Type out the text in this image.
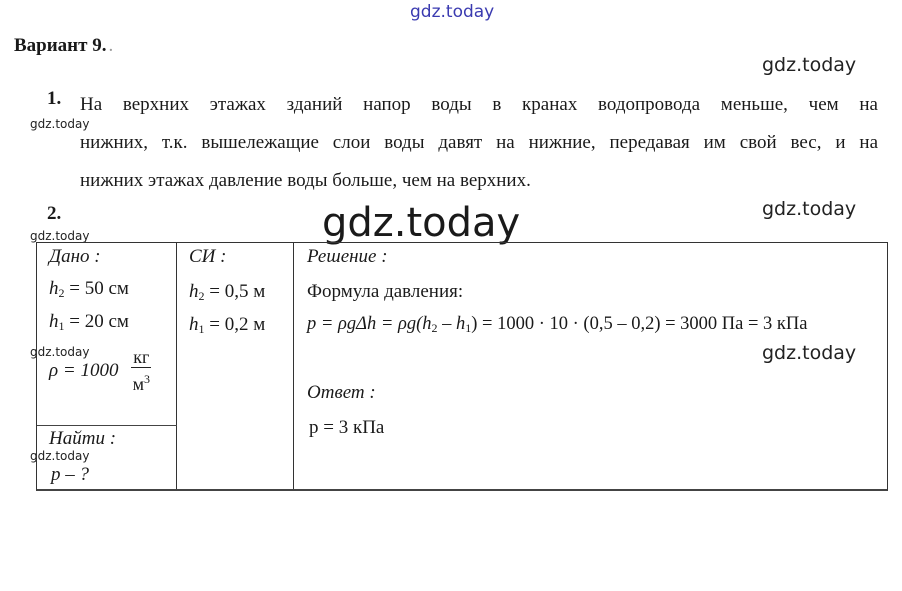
gdz.today
gdz.today
gdz.today
gdz.today
gdz.today
gdz.today
gdz.today	gdz.today
gdz.today
Вариант 9. .
1. На верхних этажах зданий напор воды в кранах водопровода меньше, чем на
нижних, т.к. вышележащие слои воды давят на нижние, передавая им свой вес, и на
нижних этажах давление воды больше, чем на верхних.
2.
Дано :
$h_2 = 50$ см
$h_1 = 20$ см
$\rho = 1000 \frac{кг}{м^3}$
Найти :
p – ?
СИ :
$h_2 = 0,5$ м
$h_1 = 0,2$ м
Решение :
Формула давления:
$p = \rho g\Delta h = \rho g(h_2 - h_1) = 1000 \cdot 10 \cdot (0,5 - 0,2) = 3000$ Па = 3 кПа
Ответ :
p = 3 кПа
